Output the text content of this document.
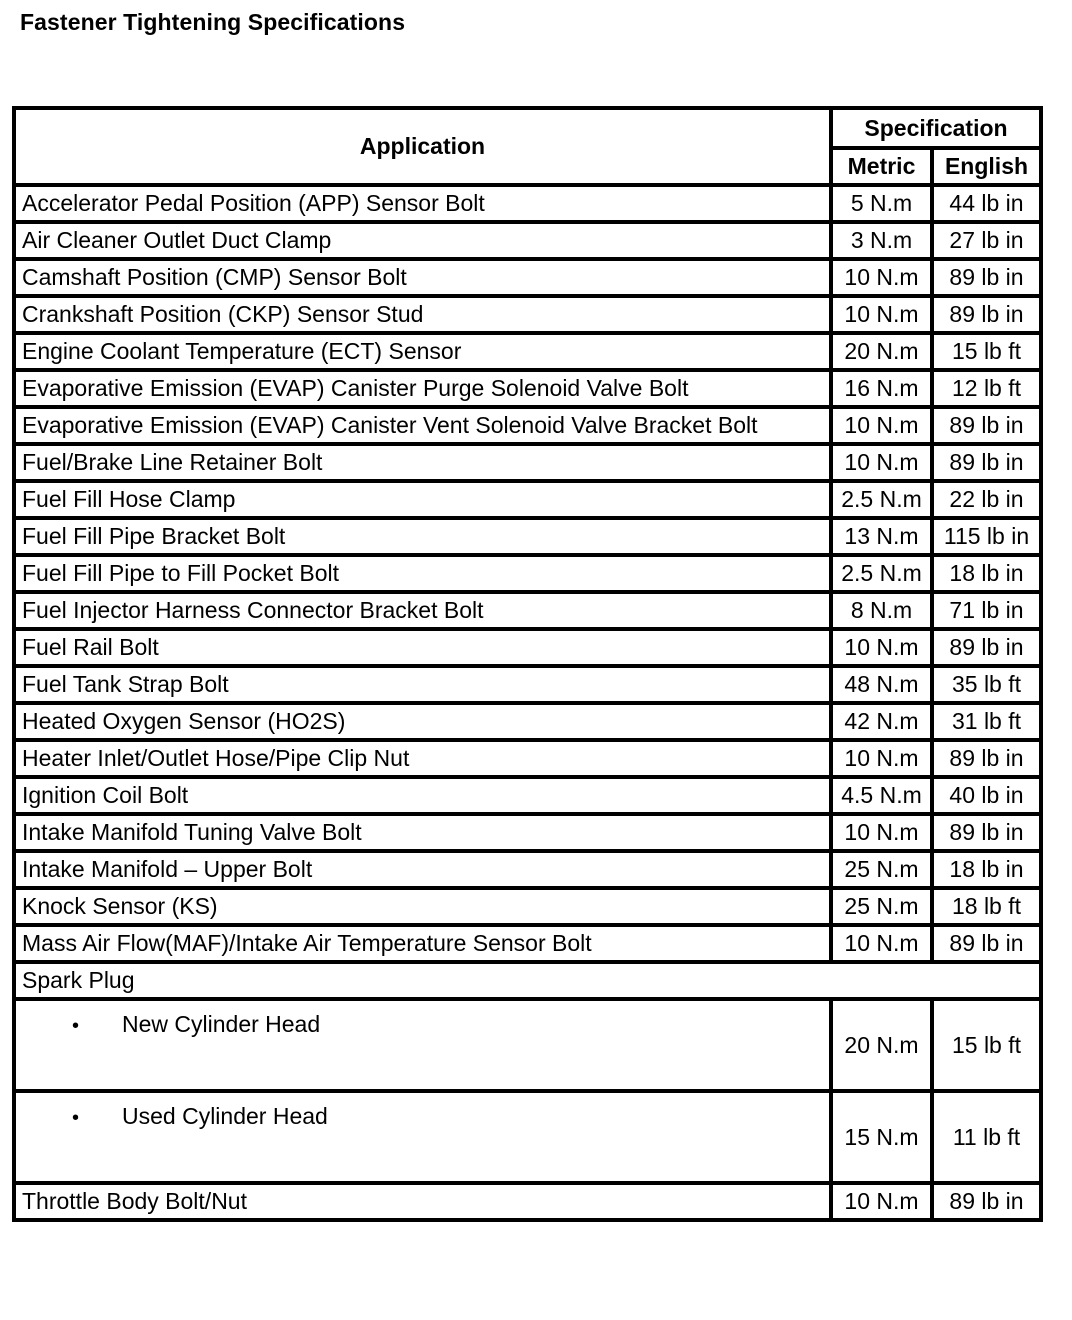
Fastener Tightening Specifications
Application	Specification	
	Metric	English
Accelerator Pedal Position (APP) Sensor Bolt	5 N.m	44 lb in
Air Cleaner Outlet Duct Clamp	3 N.m	27 lb in
Camshaft Position (CMP) Sensor Bolt	10 N.m	89 lb in
Crankshaft Position (CKP) Sensor Stud	10 N.m	89 lb in
Engine Coolant Temperature (ECT) Sensor	20 N.m	15 lb ft
Evaporative Emission (EVAP) Canister Purge Solenoid Valve Bolt	16 N.m	12 lb ft
Evaporative Emission (EVAP) Canister Vent Solenoid Valve Bracket Bolt	10 N.m	89 lb in
Fuel/Brake Line Retainer Bolt	10 N.m	89 lb in
Fuel Fill Hose Clamp	2.5 N.m	22 lb in
Fuel Fill Pipe Bracket Bolt	13 N.m	115 lb in
Fuel Fill Pipe to Fill Pocket Bolt	2.5 N.m	18 lb in
Fuel Injector Harness Connector Bracket Bolt	8 N.m	71 lb in
Fuel Rail Bolt	10 N.m	89 lb in
Fuel Tank Strap Bolt	48 N.m	35 lb ft
Heated Oxygen Sensor (HO2S)	42 N.m	31 lb ft
Heater Inlet/Outlet Hose/Pipe Clip Nut	10 N.m	89 lb in
Ignition Coil Bolt	4.5 N.m	40 lb in
Intake Manifold Tuning Valve Bolt	10 N.m	89 lb in
Intake Manifold – Upper Bolt	25 N.m	18 lb in
Knock Sensor (KS)	25 N.m	18 lb ft
Mass Air Flow(MAF)/Intake Air Temperature Sensor Bolt	10 N.m	89 lb in
Spark Plug		
• New Cylinder Head	20 N.m	15 lb ft
• Used Cylinder Head	15 N.m	11 lb ft
Throttle Body Bolt/Nut	10 N.m	89 lb in
